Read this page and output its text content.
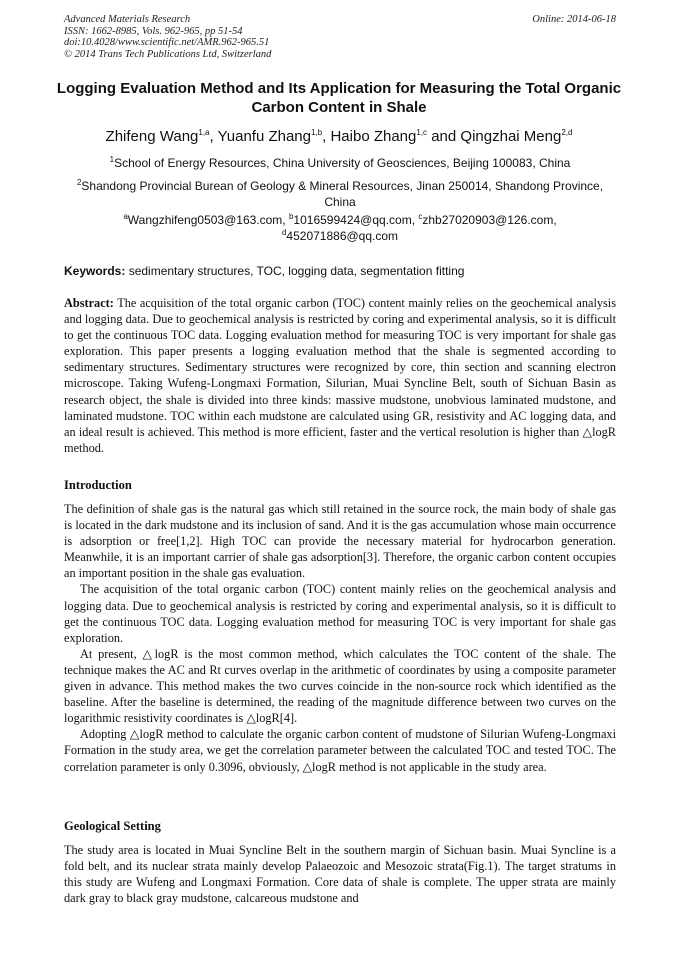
Advanced Materials Research
ISSN: 1662-8985, Vols. 962-965, pp 51-54
doi:10.4028/www.scientific.net/AMR.962-965.51
© 2014 Trans Tech Publications Ltd, Switzerland
Online: 2014-06-18
Logging Evaluation Method and Its Application for Measuring the Total Organic Carbon Content in Shale
Zhifeng Wang$^{1,a}$, Yuanfu Zhang$^{1,b}$, Haibo Zhang$^{1,c}$ and Qingzhai Meng$^{2,d}$
$^1$School of Energy Resources, China University of Geosciences, Beijing 100083, China
$^2$Shandong Provincial Burean of Geology & Mineral Resources, Jinan 250014, Shandong Province, China
$^a$Wangzhifeng0503@163.com, $^b$1016599424@qq.com, $^c$zhb27020903@126.com,
$^d$452071886@qq.com
Keywords: sedimentary structures, TOC, logging data, segmentation fitting
Abstract: The acquisition of the total organic carbon (TOC) content mainly relies on the geochemical analysis and logging data. Due to geochemical analysis is restricted by coring and experimental analysis, so it is difficult to get the continuous TOC data. Logging evaluation method for measuring TOC is very important for shale gas exploration. This paper presents a logging evaluation method that the shale is segmented according to sedimentary structures. Sedimentary structures were recognized by core, thin section and scanning electron microscope. Taking Wufeng-Longmaxi Formation, Silurian, Muai Syncline Belt, south of Sichuan Basin as research object, the shale is divided into three kinds: massive mudstone, unobvious laminated mudstone, and laminated mudstone. TOC within each mudstone are calculated using GR, resistivity and AC logging data, and an ideal result is achieved. This method is more efficient, faster and the vertical resolution is higher than △logR method.
Introduction

The definition of shale gas is the natural gas which still retained in the source rock, the main body of shale gas is located in the dark mudstone and its inclusion of sand. And it is the gas accumulation whose main occurrence is adsorption or free[1,2]. High TOC can provide the necessary material for hydrocarbon generation. Meanwhile, it is an important carrier of shale gas adsorption[3]. Therefore, the organic carbon content occupies an important position in the shale gas evaluation.

The acquisition of the total organic carbon (TOC) content mainly relies on the geochemical analysis and logging data. Due to geochemical analysis is restricted by coring and experimental analysis, so it is difficult to get the continuous TOC data. Logging evaluation method for measuring TOC is very important for shale gas exploration.

At present, △logR is the most common method, which calculates the TOC content of the shale. The technique makes the AC and Rt curves overlap in the arithmetic of coordinates by using a composite parameter given in advance. This method makes the two curves coincide in the non-source rock which identified as the baseline. After the baseline is determined, the reading of the magnitude difference between two curves on the logarithmic resistivity coordinates is △logR[4].

Adopting △logR method to calculate the organic carbon content of mudstone of Silurian Wufeng-Longmaxi Formation in the study area, we get the correlation parameter between the calculated TOC and tested TOC. The correlation parameter is only 0.3096, obviously, △logR method is not applicable in the study area.

Geological Setting

The study area is located in Muai Syncline Belt in the southern margin of Sichuan basin. Muai Syncline is a fold belt, and its nuclear strata mainly develop Palaeozoic and Mesozoic strata(Fig.1). The target stratums in this study are Wufeng and Longmaxi Formation. Core data of shale is complete. The upper strata are mainly dark gray to black gray mudstone, calcareous mudstone and
